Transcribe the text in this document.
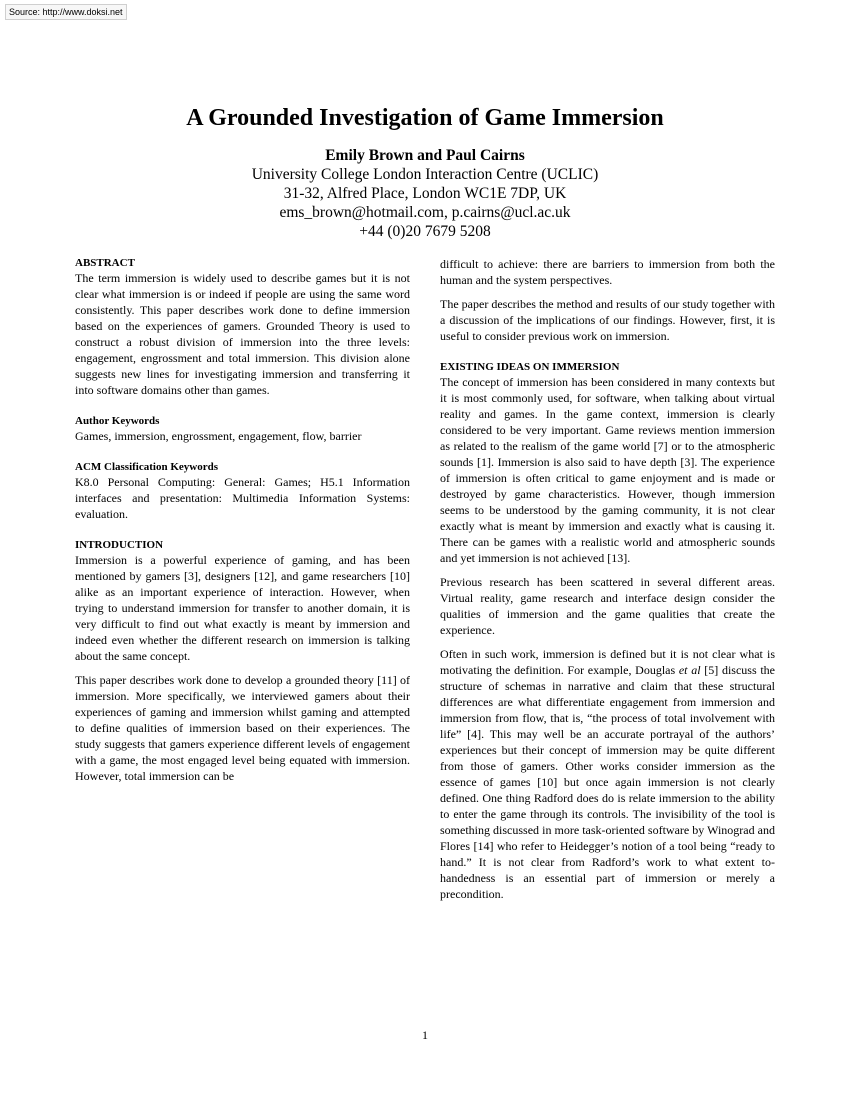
Source: http://www.doksi.net
A Grounded Investigation of Game Immersion
Emily Brown and Paul Cairns
University College London Interaction Centre (UCLIC)
31-32, Alfred Place, London WC1E 7DP, UK
ems_brown@hotmail.com, p.cairns@ucl.ac.uk
+44 (0)20 7679 5208
ABSTRACT

The term immersion is widely used to describe games but it is not clear what immersion is or indeed if people are using the same word consistently. This paper describes work done to define immersion based on the experiences of gamers. Grounded Theory is used to construct a robust division of immersion into the three levels: engagement, engrossment and total immersion. This division alone suggests new lines for investigating immersion and transferring it into software domains other than games.

Author Keywords

Games, immersion, engrossment, engagement, flow, barrier

ACM Classification Keywords

K8.0 Personal Computing: General: Games; H5.1 Information interfaces and presentation: Multimedia Information Systems: evaluation.

INTRODUCTION

Immersion is a powerful experience of gaming, and has been mentioned by gamers [3], designers [12], and game researchers [10] alike as an important experience of interaction. However, when trying to understand immersion for transfer to another domain, it is very difficult to find out what exactly is meant by immersion and indeed even whether the different research on immersion is talking about the same concept.

This paper describes work done to develop a grounded theory [11] of immersion. More specifically, we interviewed gamers about their experiences of gaming and immersion whilst gaming and attempted to define qualities of immersion based on their experiences. The study suggests that gamers experience different levels of engagement with a game, the most engaged level being equated with immersion. However, total immersion can be

difficult to achieve: there are barriers to immersion from both the human and the system perspectives.

The paper describes the method and results of our study together with a discussion of the implications of our findings. However, first, it is useful to consider previous work on immersion.

EXISTING IDEAS ON IMMERSION

The concept of immersion has been considered in many contexts but it is most commonly used, for software, when talking about virtual reality and games. In the game context, immersion is clearly considered to be very important. Game reviews mention immersion as related to the realism of the game world [7] or to the atmospheric sounds [1]. Immersion is also said to have depth [3]. The experience of immersion is often critical to game enjoyment and is made or destroyed by game characteristics. However, though immersion seems to be understood by the gaming community, it is not clear exactly what is meant by immersion and exactly what is causing it. There can be games with a realistic world and atmospheric sounds and yet immersion is not achieved [13].

Previous research has been scattered in several different areas. Virtual reality, game research and interface design consider the qualities of immersion and the game qualities that create the experience.

Often in such work, immersion is defined but it is not clear what is motivating the definition. For example, Douglas et al [5] discuss the structure of schemas in narrative and claim that these structural differences are what differentiate engagement from immersion and immersion from flow, that is, “the process of total involvement with life” [4]. This may well be an accurate portrayal of the authors’ experiences but their concept of immersion may be quite different from those of gamers. Other works consider immersion as the essence of games [10] but once again immersion is not clearly defined. One thing Radford does do is relate immersion to the ability to enter the game through its controls. The invisibility of the tool is something discussed in more task-oriented software by Winograd and Flores [14] who refer to Heidegger’s notion of a tool being “ready to hand.” It is not clear from Radford’s work to what extent to-handedness is an essential part of immersion or merely a precondition.

1
